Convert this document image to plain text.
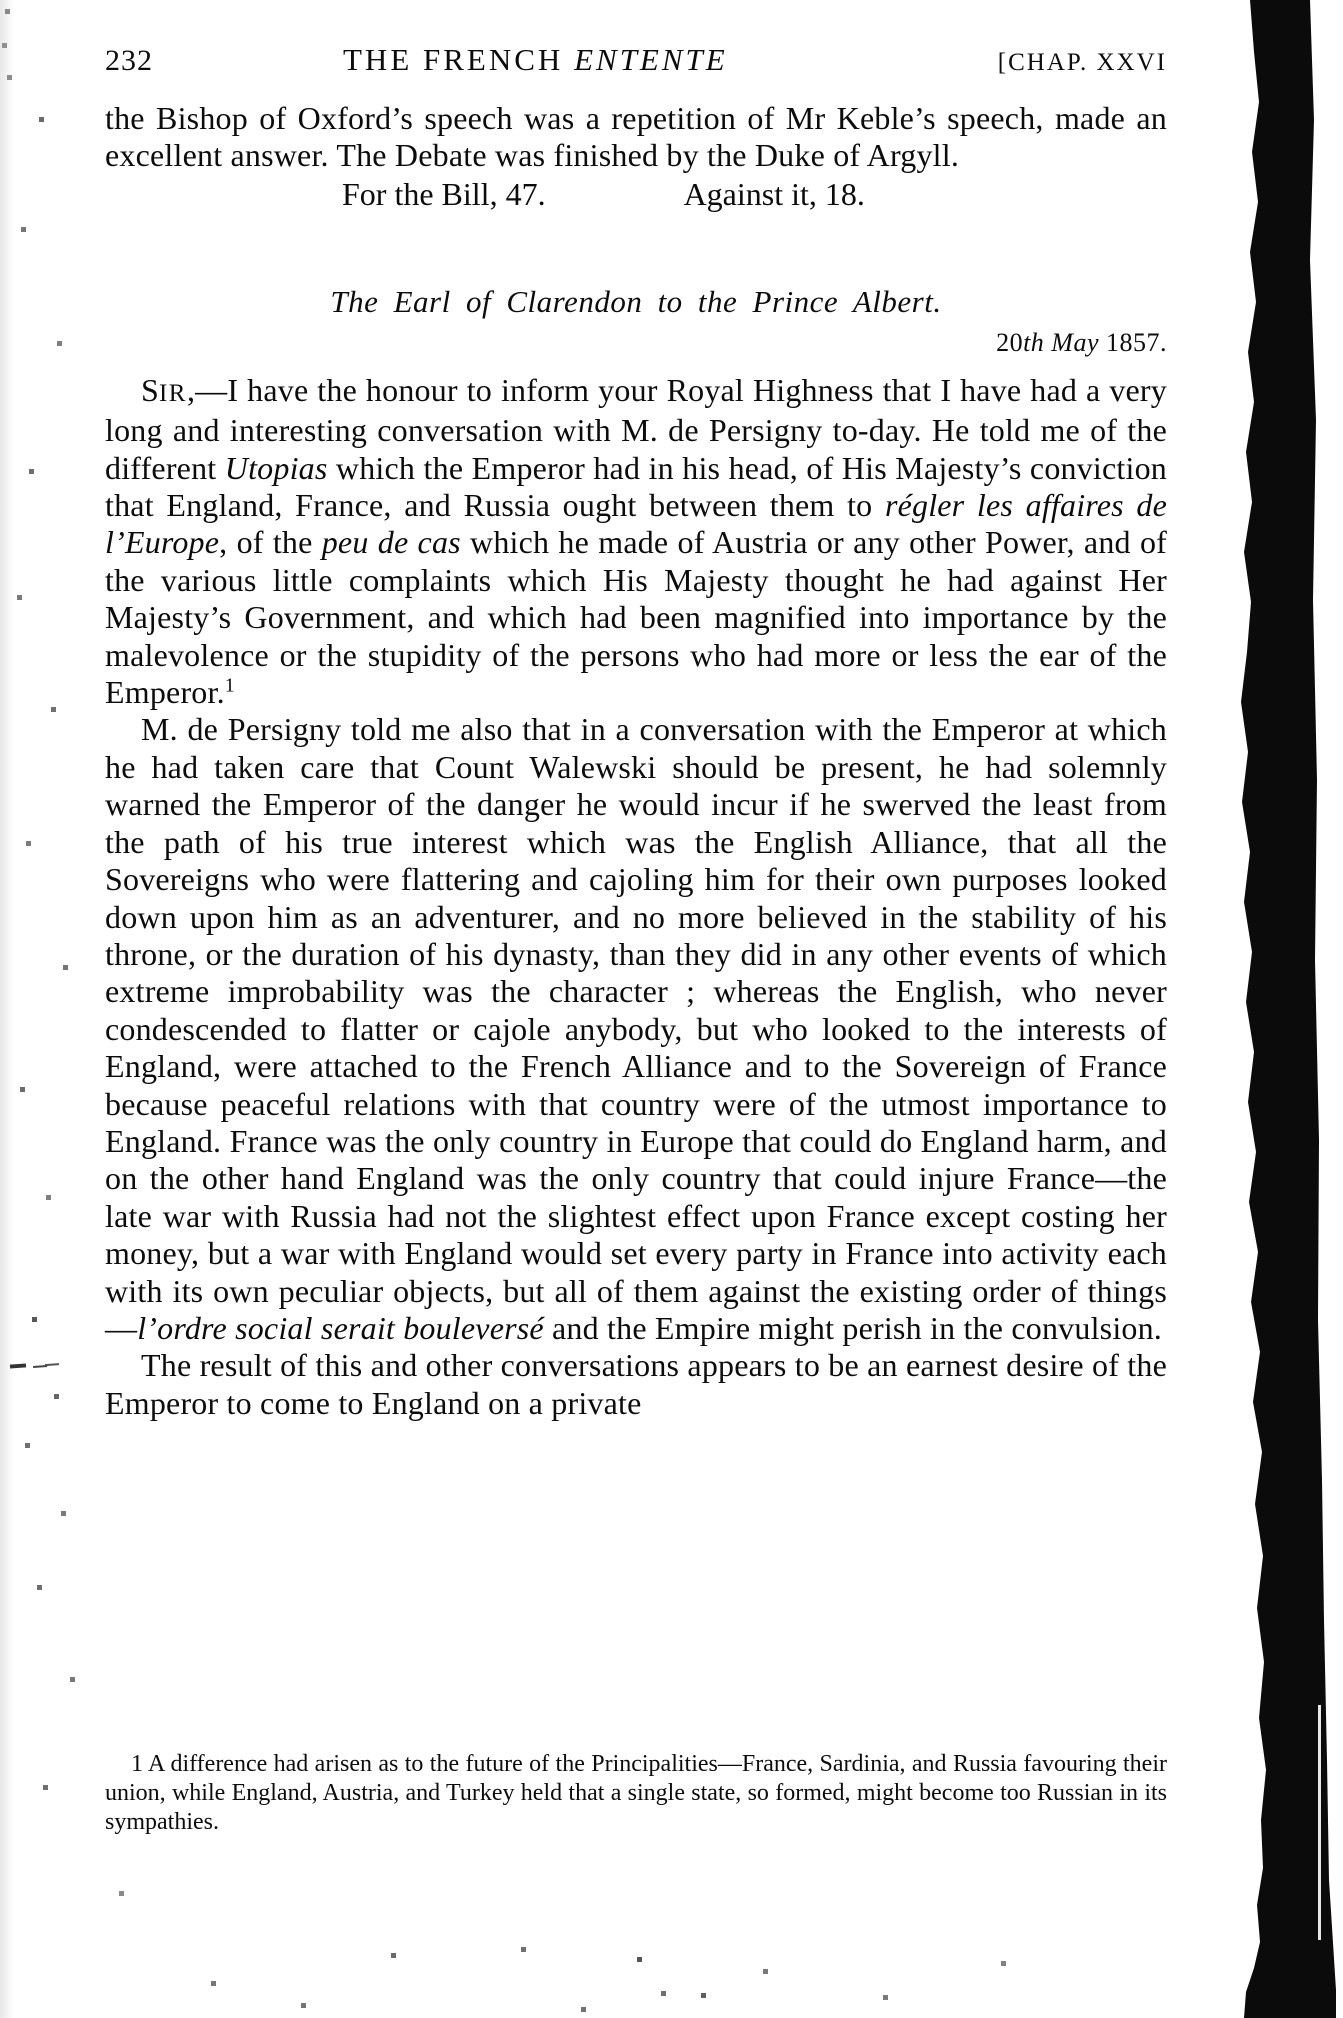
232	THE FRENCH ENTENTE	[CHAP. XXVI
the Bishop of Oxford’s speech was a repetition of Mr Keble’s speech, made an excellent answer. The Debate was finished by the Duke of Argyll.
For the Bill, 47.	Against it, 18.
The Earl of Clarendon to the Prince Albert.
20th May 1857.

SIR,—I have the honour to inform your Royal Highness that I have had a very long and interesting conversation with M. de Persigny to-day. He told me of the different Utopias which the Emperor had in his head, of His Majesty’s conviction that England, France, and Russia ought between them to régler les affaires de l’Europe, of the peu de cas which he made of Austria or any other Power, and of the various little complaints which His Majesty thought he had against Her Majesty’s Government, and which had been magnified into importance by the malevolence or the stupidity of the persons who had more or less the ear of the Emperor.$^1$

M. de Persigny told me also that in a conversation with the Emperor at which he had taken care that Count Walewski should be present, he had solemnly warned the Emperor of the danger he would incur if he swerved the least from the path of his true interest which was the English Alliance, that all the Sovereigns who were flattering and cajoling him for their own purposes looked down upon him as an adventurer, and no more believed in the stability of his throne, or the duration of his dynasty, than they did in any other events of which extreme improbability was the character ; whereas the English, who never condescended to flatter or cajole anybody, but who looked to the interests of England, were attached to the French Alliance and to the Sovereign of France because peaceful relations with that country were of the utmost importance to England. France was the only country in Europe that could do England harm, and on the other hand England was the only country that could injure France—the late war with Russia had not the slightest effect upon France except costing her money, but a war with England would set every party in France into activity each with its own peculiar objects, but all of them against the existing order of things—l’ordre social serait bouleversé and the Empire might perish in the convulsion.

The result of this and other conversations appears to be an earnest desire of the Emperor to come to England on a private

1 A difference had arisen as to the future of the Principalities—France, Sardinia, and Russia favouring their union, while England, Austria, and Turkey held that a single state, so formed, might become too Russian in its sympathies.
